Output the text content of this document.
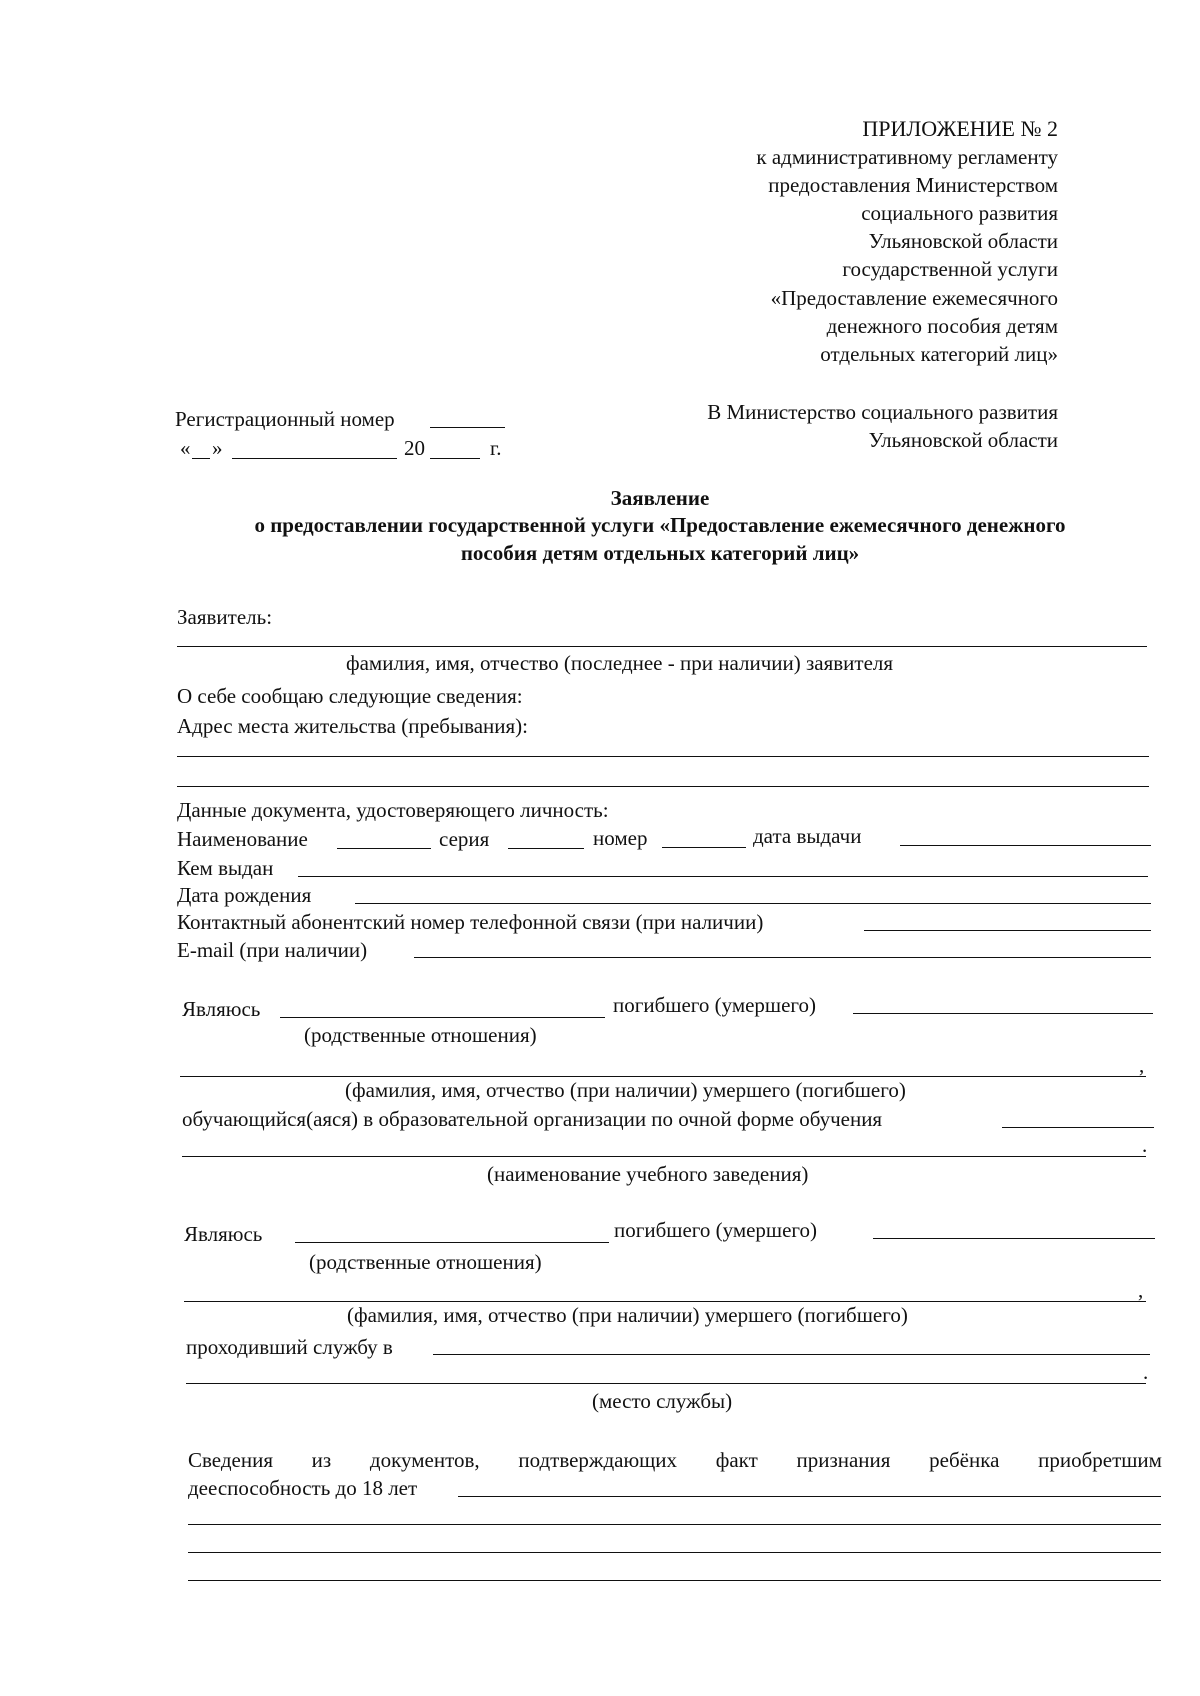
ПРИЛОЖЕНИЕ № 2
к административному регламенту
предоставления Министерством
социального развития
Ульяновской области
государственной услуги
«Предоставление ежемесячного
денежного пособия детям
отдельных категорий лиц»
Регистрационный номер
« »	20	г.
В Министерство социального развития
Ульяновской области
Заявление
о предоставлении государственной услуги «Предоставление ежемесячного денежного
пособия детям отдельных категорий лиц»
Заявитель:
фамилия, имя, отчество (последнее - при наличии) заявителя
О себе сообщаю следующие сведения:
Адрес места жительства (пребывания):
Данные документа, удостоверяющего личность:
Наименование	серия	номер	дата выдачи
Кем выдан
Дата рождения
Контактный абонентский номер телефонной связи (при наличии)
E-mail (при наличии)
Являюсь	погибшего (умершего)
(родственные отношения)
,
(фамилия, имя, отчество (при наличии) умершего (погибшего)
обучающийся(аяся) в образовательной организации по очной форме обучения
.
(наименование учебного заведения)
Являюсь	погибшего (умершего)
(родственные отношения)
,
(фамилия, имя, отчество (при наличии) умершего (погибшего)
проходивший службу в
.
(место службы)
Сведения из документов, подтверждающих факт признания ребёнка приобретшим
дееспособность до 18 лет
